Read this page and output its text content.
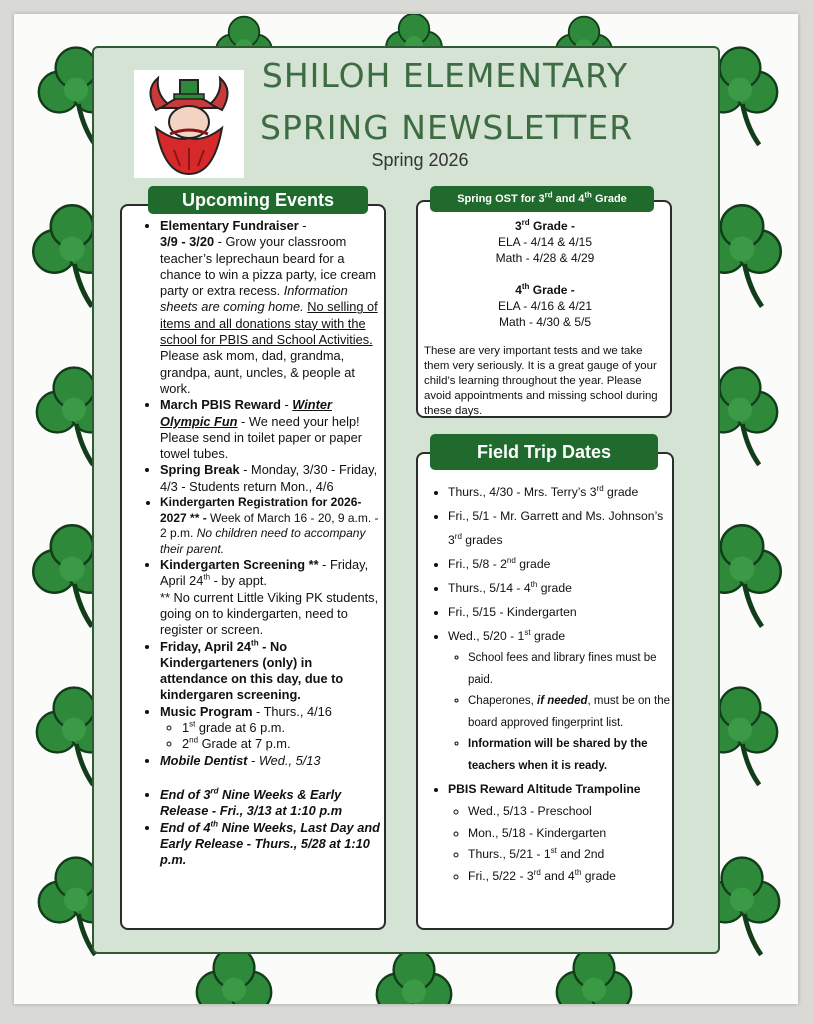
SHILOH ELEMENTARY
SPRING NEWSLETTER
Spring 2026
Upcoming Events
• Elementary Fundraiser -
3/9 - 3/20 - Grow your classroom teacher’s leprechaun beard for a chance to win a pizza party, ice cream party or extra recess. Information sheets are coming home. No selling of items and all donations stay with the school for PBIS and School Activities. Please ask mom, dad, grandma, grandpa, aunt, uncles, & people at work.
• March PBIS Reward - Winter Olympic Fun - We need your help! Please send in toilet paper or paper towel tubes.
• Spring Break - Monday, 3/30 - Friday, 4/3 - Students return Mon., 4/6
• Kindergarten Registration for 2026-2027 ** - Week of March 16 - 20, 9 a.m. - 2 p.m. No children need to accompany their parent.
• Kindergarten Screening ** - Friday, April 24th - by appt.
** No current Little Viking PK students, going on to kindergarten, need to register or screen.
• Friday, April 24th - No Kindergarteners (only) in attendance on this day, due to kindergaren screening.
• Music Program - Thurs., 4/16
◦ 1st grade at 6 p.m.
◦ 2nd Grade at 7 p.m.
• Mobile Dentist - Wed., 5/13
• End of 3rd Nine Weeks & Early Release - Fri., 3/13 at 1:10 p.m
• End of 4th Nine Weeks, Last Day and Early Release - Thurs., 5/28 at 1:10 p.m.
Spring OST for 3rd and 4th Grade
3rd Grade -
ELA - 4/14 & 4/15
Math - 4/28 & 4/29
4th Grade -
ELA - 4/16 & 4/21
Math - 4/30 & 5/5
These are very important tests and we take them very seriously. It is a great gauge of your child’s learning throughout the year. Please avoid appointments and missing school during these days.
Field Trip Dates
• Thurs., 4/30 - Mrs. Terry’s 3rd grade
• Fri., 5/1 - Mr. Garrett and Ms. Johnson’s 3rd grades
• Fri., 5/8 - 2nd grade
• Thurs., 5/14 - 4th grade
• Fri., 5/15 - Kindergarten
• Wed., 5/20 - 1st grade
◦ School fees and library fines must be paid.
◦ Chaperones, if needed, must be on the board approved fingerprint list.
◦ Information will be shared by the teachers when it is ready.
• PBIS Reward Altitude Trampoline
◦ Wed., 5/13 - Preschool
◦ Mon., 5/18 - Kindergarten
◦ Thurs., 5/21 - 1st and 2nd
◦ Fri., 5/22 - 3rd and 4th grade
